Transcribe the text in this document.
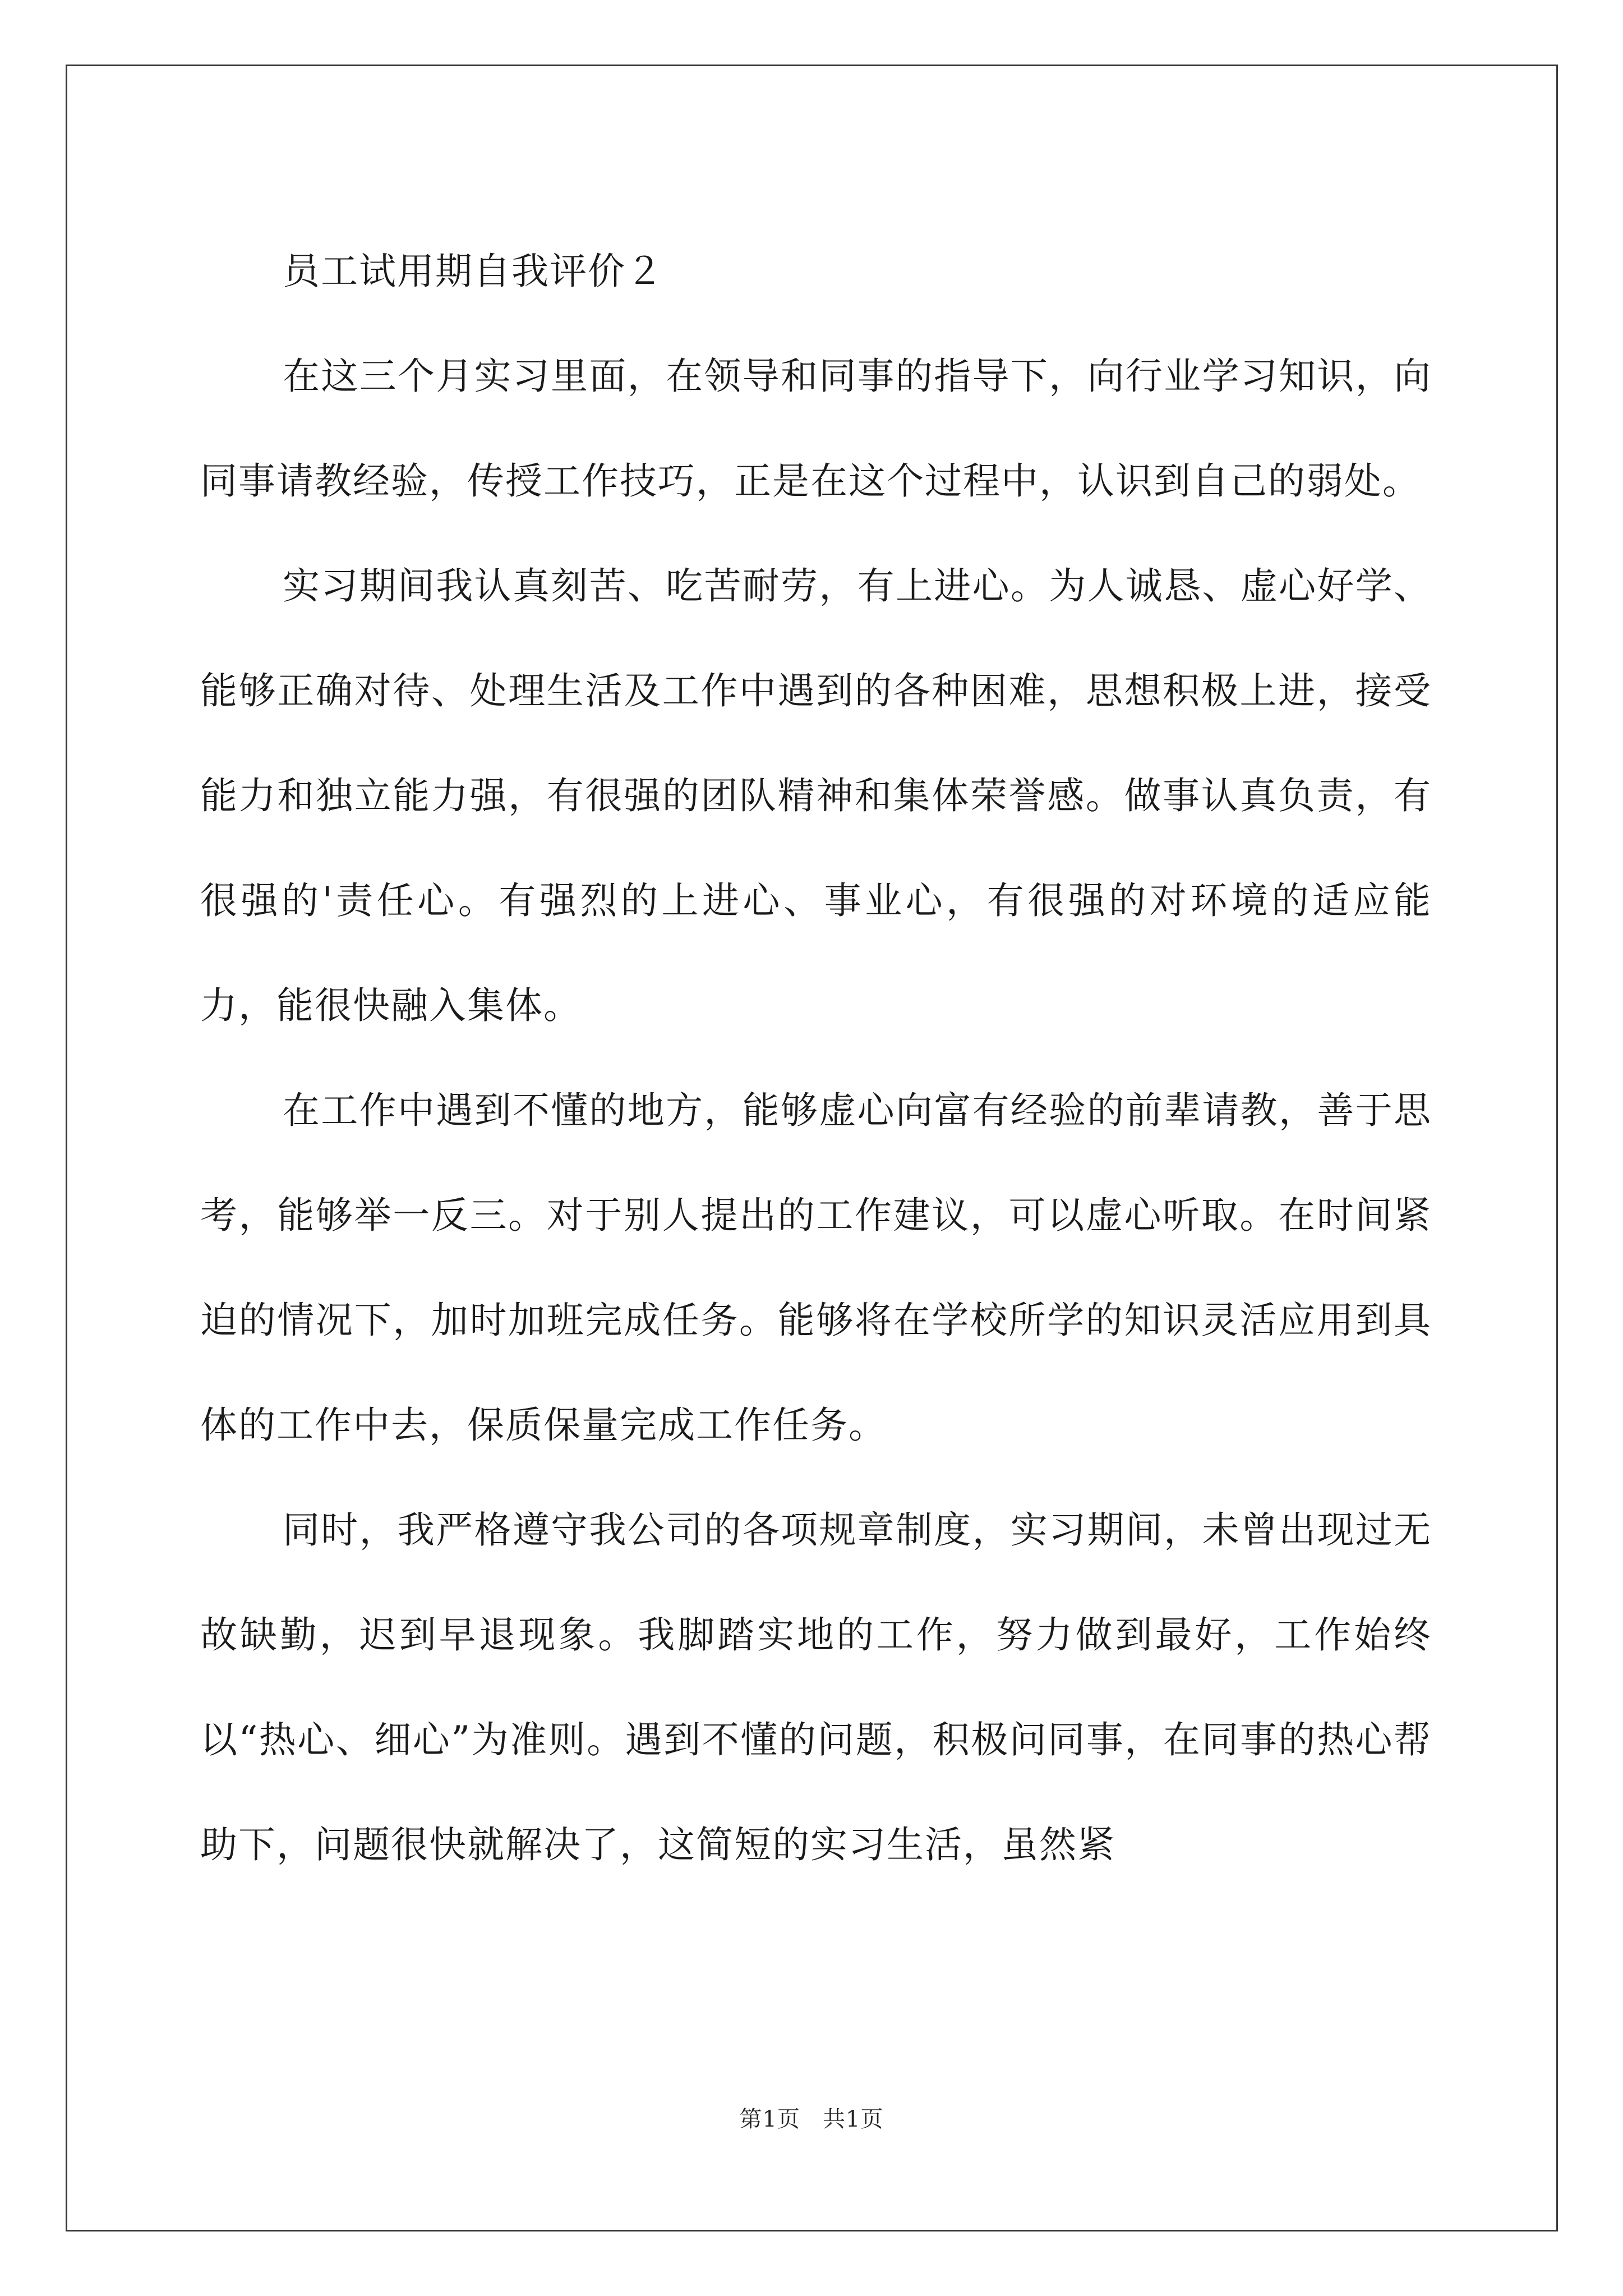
员工试用期自我评价２

在这三个月实习里面，在领导和同事的指导下，向行业学习知识，向同事请教经验，传授工作技巧，正是在这个过程中，认识到自己的弱处。

实习期间我认真刻苦、吃苦耐劳，有上进心。为人诚恳、虚心好学、能够正确对待、处理生活及工作中遇到的各种困难，思想积极上进，接受能力和独立能力强，有很强的团队精神和集体荣誉感。做事认真负责，有很强的'责任心。有强烈的上进心、事业心，有很强的对环境的适应能力，能很快融入集体。

在工作中遇到不懂的地方，能够虚心向富有经验的前辈请教，善于思考，能够举一反三。对于别人提出的工作建议，可以虚心听取。在时间紧迫的情况下，加时加班完成任务。能够将在学校所学的知识灵活应用到具体的工作中去，保质保量完成工作任务。

同时，我严格遵守我公司的各项规章制度，实习期间，未曾出现过无故缺勤，迟到早退现象。我脚踏实地的工作，努力做到最好，工作始终以“热心、细心”为准则。遇到不懂的问题，积极问同事，在同事的热心帮助下，问题很快就解决了，这简短的实习生活，虽然紧

第1页 共1页
